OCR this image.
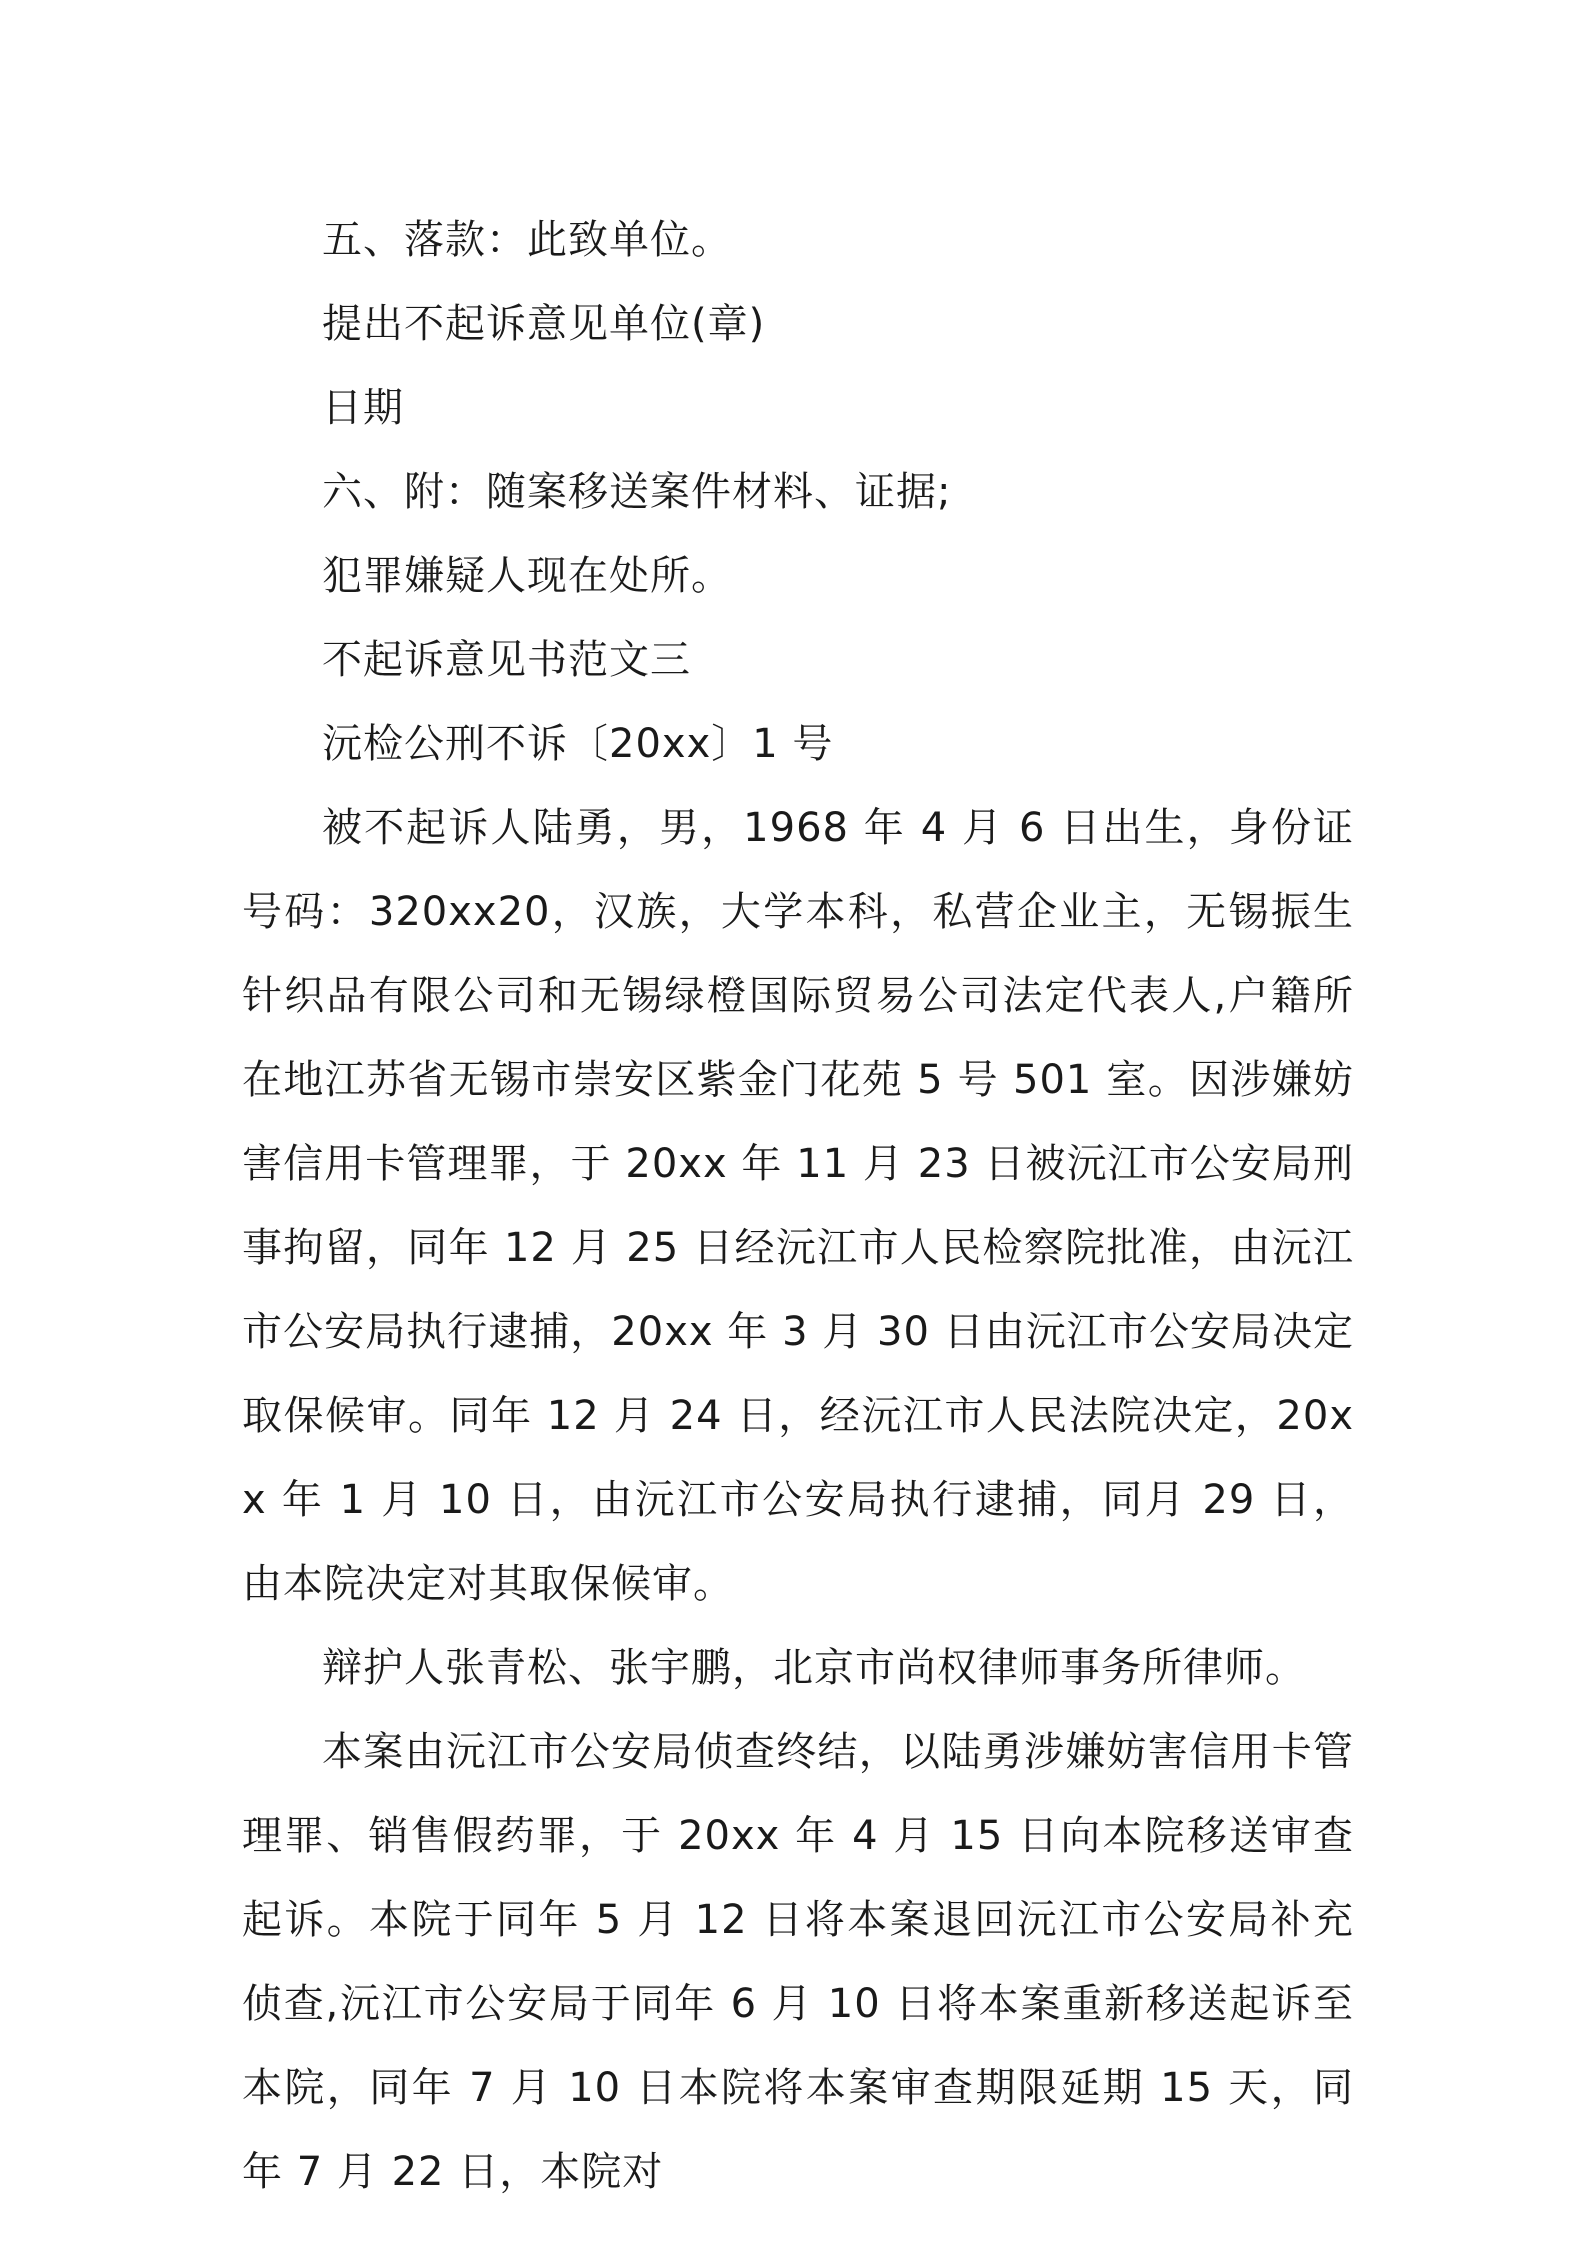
五、落款：此致单位。

提出不起诉意见单位(章)

日期

六、附：随案移送案件材料、证据;

犯罪嫌疑人现在处所。

不起诉意见书范文三

沅检公刑不诉〔20xx〕1 号

被不起诉人陆勇，男，1968 年 4 月 6 日出生，身份证号码：320xx20，汉族，大学本科，私营企业主，无锡振生针织品有限公司和无锡绿橙国际贸易公司法定代表人,户籍所在地江苏省无锡市崇安区紫金门花苑 5 号 501 室。因涉嫌妨害信用卡管理罪，于 20xx 年 11 月 23 日被沅江市公安局刑事拘留，同年 12 月 25 日经沅江市人民检察院批准，由沅江市公安局执行逮捕，20xx 年 3 月 30 日由沅江市公安局决定取保候审。同年 12 月 24 日，经沅江市人民法院决定，20xx 年 1 月 10 日，由沅江市公安局执行逮捕，同月 29 日，由本院决定对其取保候审。

辩护人张青松、张宇鹏，北京市尚权律师事务所律师。

本案由沅江市公安局侦查终结，以陆勇涉嫌妨害信用卡管理罪、销售假药罪，于 20xx 年 4 月 15 日向本院移送审查起诉。本院于同年 5 月 12 日将本案退回沅江市公安局补充侦查,沅江市公安局于同年 6 月 10 日将本案重新移送起诉至本院，同年 7 月 10 日本院将本案审查期限延期 15 天，同年 7 月 22 日，本院对
